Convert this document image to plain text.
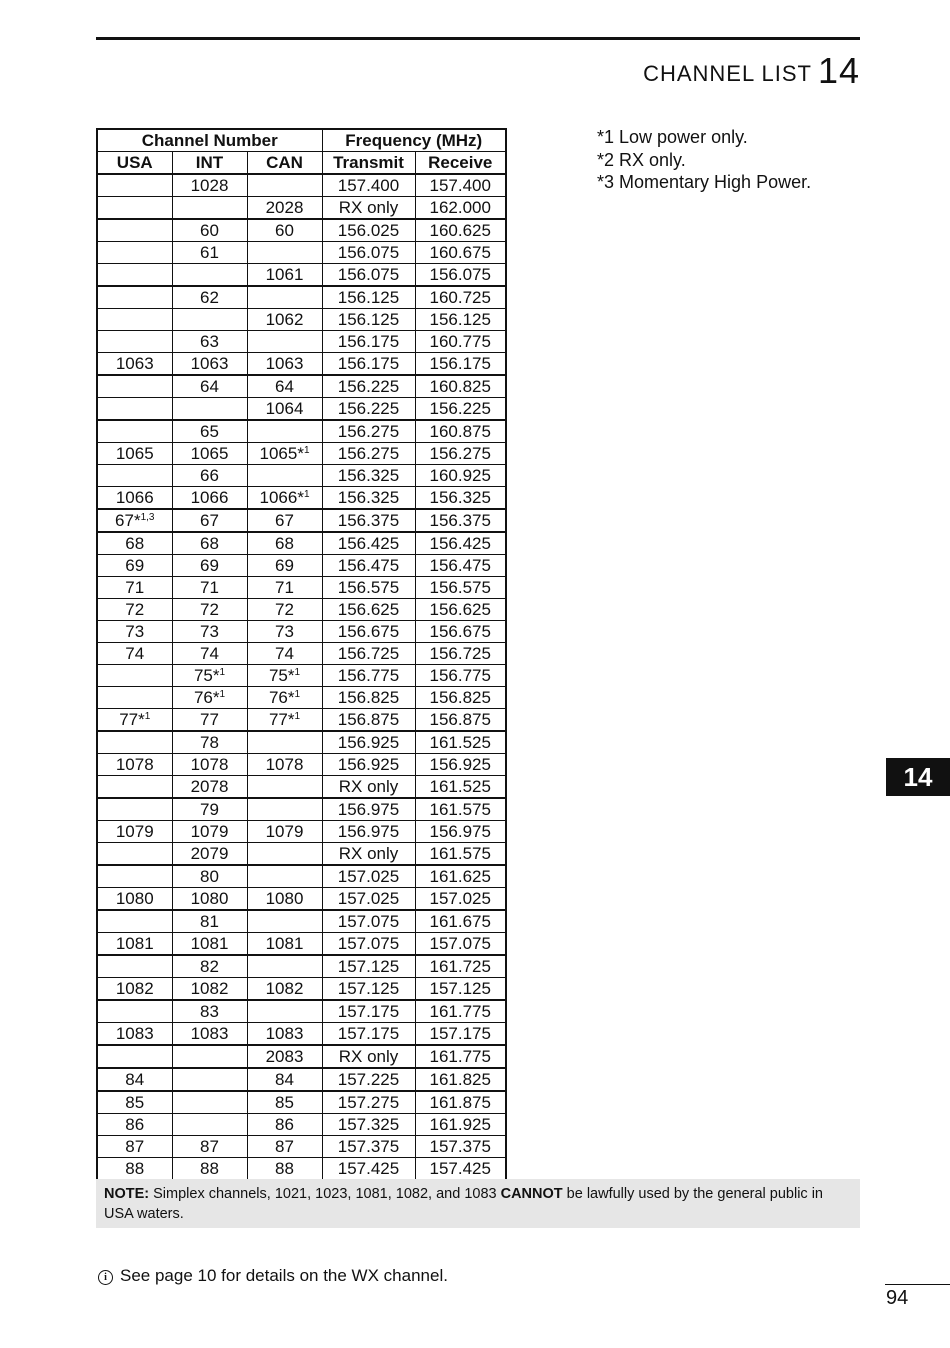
CHANNEL LIST 14
Channel Number			Frequency (MHz)	
USA	INT	CAN	Transmit	Receive
	1028		157.400	157.400
		2028	RX only	162.000
	60	60	156.025	160.625
	61		156.075	160.675
		1061	156.075	156.075
	62		156.125	160.725
		1062	156.125	156.125
	63		156.175	160.775
1063	1063	1063	156.175	156.175
	64	64	156.225	160.825
		1064	156.225	156.225
	65		156.275	160.875
1065	1065	1065*$^1$	156.275	156.275
	66		156.325	160.925
1066	1066	1066*$^1$	156.325	156.325
67*$^{1,3}$	67	67	156.375	156.375
68	68	68	156.425	156.425
69	69	69	156.475	156.475
71	71	71	156.575	156.575
72	72	72	156.625	156.625
73	73	73	156.675	156.675
74	74	74	156.725	156.725
	75*$^1$	75*$^1$	156.775	156.775
	76*$^1$	76*$^1$	156.825	156.825
77*$^1$	77	77*$^1$	156.875	156.875
	78		156.925	161.525
1078	1078	1078	156.925	156.925
	2078		RX only	161.525
	79		156.975	161.575
1079	1079	1079	156.975	156.975
	2079		RX only	161.575
	80		157.025	161.625
1080	1080	1080	157.025	157.025
	81		157.075	161.675
1081	1081	1081	157.075	157.075
	82		157.125	161.725
1082	1082	1082	157.125	157.125
	83		157.175	161.775
1083	1083	1083	157.175	157.175
		2083	RX only	161.775
84		84	157.225	161.825
85		85	157.275	161.875
86		86	157.325	161.925
87	87	87	157.375	157.375
88	88	88	157.425	157.425
*1 Low power only.
*2 RX only.
*3 Momentary High Power.
14
NOTE: Simplex channels, 1021, 1023, 1081, 1082, and 1083 CANNOT be lawfully used by the general public in USA waters.
i See page 10 for details on the WX channel.
94
